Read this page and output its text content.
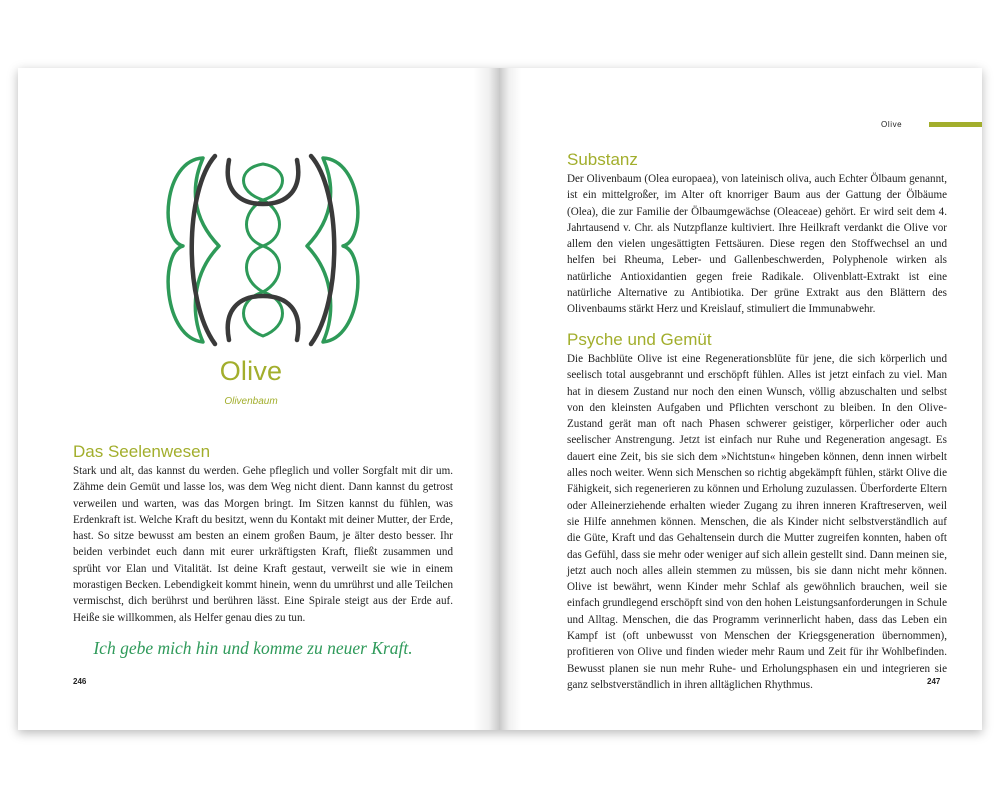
Olive
Olivenbaum
Das Seelenwesen

Stark und alt, das kannst du werden. Gehe pfleglich und voller Sorgfalt mit dir um. Zähme dein Gemüt und lasse los, was dem Weg nicht dient. Dann kannst du getrost verweilen und warten, was das Morgen bringt. Im Sitzen kannst du fühlen, was Erdenkraft ist. Welche Kraft du besitzt, wenn du Kontakt mit deiner Mutter, der Erde, hast. So sitze bewusst am besten an einem großen Baum, je älter desto besser. Ihr beiden verbindet euch dann mit eurer urkräftigsten Kraft, fließt zusammen und sprüht vor Elan und Vitalität. Ist deine Kraft gestaut, verweilt sie wie in einem morastigen Becken. Lebendigkeit kommt hinein, wenn du umrührst und alle Teilchen vermischst, dich berührst und berühren lässt. Eine Spirale steigt aus der Erde auf. Heiße sie willkommen, als Helfer genau dies zu tun.

Ich gebe mich hin und komme zu neuer Kraft.
246
Olive
Substanz

Der Olivenbaum (Olea europaea), von lateinisch oliva, auch Echter Ölbaum genannt, ist ein mittelgroßer, im Alter oft knorriger Baum aus der Gattung der Ölbäume (Olea), die zur Familie der Ölbaumgewächse (Oleaceae) gehört. Er wird seit dem 4. Jahrtausend v. Chr. als Nutzpflanze kultiviert. Ihre Heilkraft verdankt die Olive vor allem den vielen ungesättigten Fettsäuren. Diese regen den Stoffwechsel an und helfen bei Rheuma, Leber- und Gallenbeschwerden, Polyphenole wirken als natürliche Antioxidantien gegen freie Radikale. Olivenblatt-Extrakt ist eine natürliche Alternative zu Antibiotika. Der grüne Extrakt aus den Blättern des Olivenbaums stärkt Herz und Kreislauf, stimuliert die Immunabwehr.

Psyche und Gemüt

Die Bachblüte Olive ist eine Regenerationsblüte für jene, die sich körperlich und seelisch total ausgebrannt und erschöpft fühlen. Alles ist jetzt einfach zu viel. Man hat in diesem Zustand nur noch den einen Wunsch, völlig abzuschalten und selbst von den kleinsten Aufgaben und Pflichten verschont zu bleiben. In den Olive-Zustand gerät man oft nach Phasen schwerer geistiger, körperlicher oder auch seelischer Anstrengung. Jetzt ist einfach nur Ruhe und Regeneration angesagt. Es dauert eine Zeit, bis sie sich dem »Nichtstun« hingeben können, denn innen wirbelt alles noch weiter. Wenn sich Menschen so richtig abgekämpft fühlen, stärkt Olive die Fähigkeit, sich regenerieren zu können und Erholung zuzulassen. Überforderte Eltern oder Alleinerziehende erhalten wieder Zugang zu ihren inneren Kraftreserven, weil sie Hilfe annehmen können. Menschen, die als Kinder nicht selbstverständlich auf die Güte, Kraft und das Gehaltensein durch die Mutter zugreifen konnten, haben oft das Gefühl, dass sie mehr oder weniger auf sich allein gestellt sind. Dann meinen sie, jetzt auch noch alles allein stemmen zu müssen, bis sie dann nicht mehr können. Olive ist bewährt, wenn Kinder mehr Schlaf als gewöhnlich brauchen, weil sie einfach grundlegend erschöpft sind von den hohen Leistungsanforderungen in Schule und Alltag. Menschen, die das Programm verinnerlicht haben, dass das Leben ein Kampf ist (oft unbewusst von Menschen der Kriegsgeneration übernommen), profitieren von Olive und finden wieder mehr Raum und Zeit für ihr Wohlbefinden. Bewusst planen sie nun mehr Ruhe- und Erholungsphasen ein und integrieren sie ganz selbstverständlich in ihren alltäglichen Rhythmus.	247
